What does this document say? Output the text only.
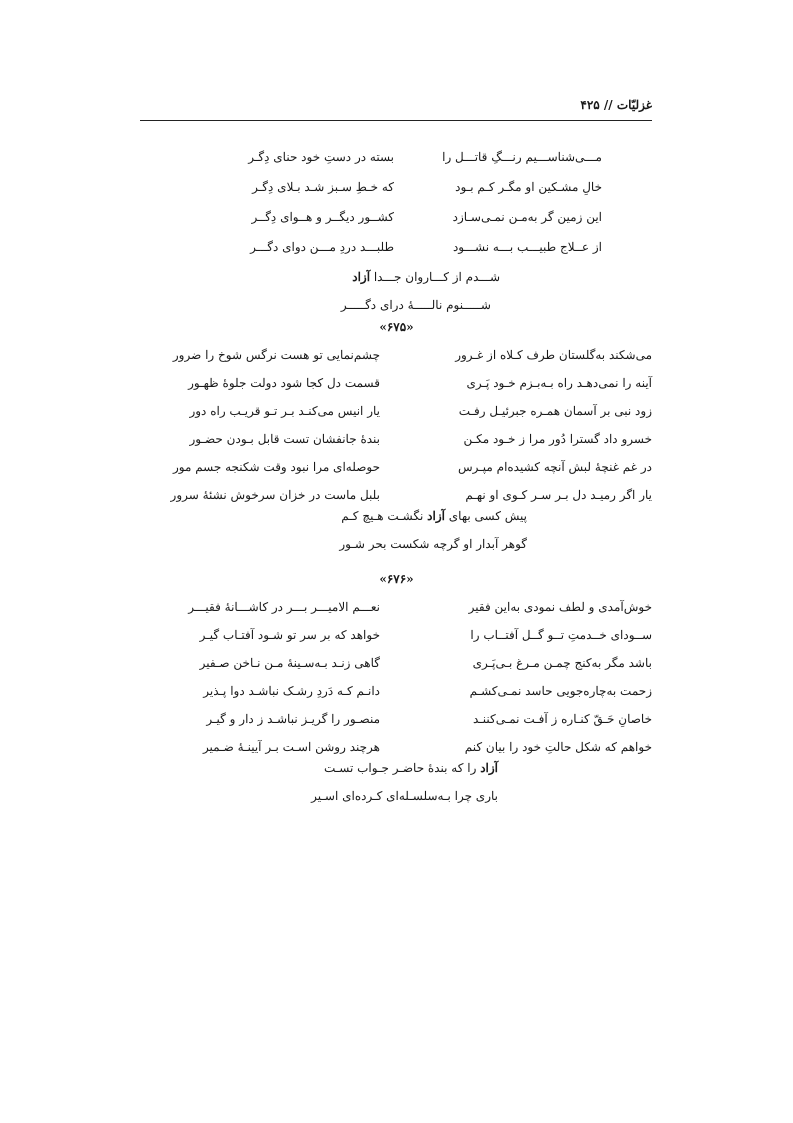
غزلیّات // ۴۲۵
مـــی‌شناســـیم رنـــگِ قاتـــل را
بسته در دستِ خود حنای دِگـر
خالِ مشـکین او مگـر کـم بـود
که خـطِ سـبز شـد بـلای دِگـر
این زمین گر به‌مـن نمـی‌سـازد
کشــور دیگــر و هــوای دِگــر
از عــلاج طبیـــب بـــه نشـــود
طلبـــد دردِ مـــن دوای دگـــر
شـــدم از کـــاروان جـــدا آزاد
شـــــنوم نالـــــهٔ درای دگـــــر
«۶۷۵»
می‌شکند به‌گلستان طرف کـلاه از غـرور
چشم‌نمایی تو هست نرگس شوخ را ضرور
آینه را نمی‌دهـد راه بـه‌بـزم خـود پَـری
قسمت دل کجا شود دولت جلوهٔ ظهـور
زود نبی بر آسمان همـره جبرئیـل رفـت
یار انیس می‌کنـد بـر تـو قریـب راه دور
خسرو داد گسترا دُور مرا ز خـود مکـن
بندهٔ جانفشان تست قابل بـودن حضـور
در غم غنچهٔ لبش آنچه کشیده‌ام مپـرس
حوصله‌ای مرا نبود وقت شکنجه جسم مور
یار اگر رمیـد دل بـر سـر کـوی او نهـم
بلبل ماست در خزان سرخوش نشئهٔ سرور
پیش کسی بهای آزاد نگشـت هـیچ کـم
گوهر آبدار او گرچه شکست بحر شـور
«۶۷۶»
خوش‌آمدی و لطف نمودی به‌این فقیر
نعـــم الامیـــر بـــر در کاشـــانهٔ فقیـــر
ســودای خــدمتِ تــو گــل آفتــاب را
خواهد که بر سر تو شـود آفتـاب گیـر
باشد مگر به‌کنج چمـن مـرغ بـی‌پَـری
گاهی زنـد بـه‌سـینهٔ مـن نـاخن صـفیر
زحمت به‌چاره‌جویی حاسد نمـی‌کشـم
دانـم کـه دَردِ رشـک نباشـد دوا پـذیر
خاصانِ حَـقّ کنـاره ز آفـت نمـی‌کننـد
منصـور را گریـز نباشـد ز دار و گیـر
خواهم که شکل حالتِ خود را بیان کنم
هرچند روشن اسـت بـر آیینـهٔ ضـمیر
آزاد را که بندهٔ حاضـر جـواب تسـت
باری چرا بـه‌سلسـله‌ای کـرده‌ای اسـیر
